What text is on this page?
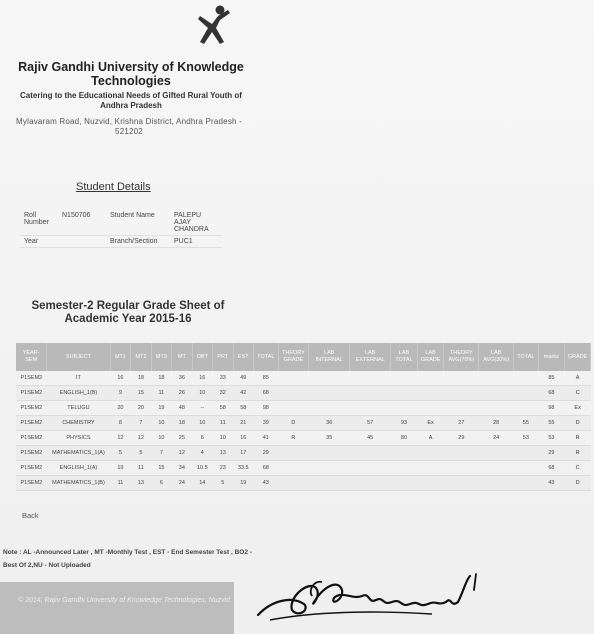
Rajiv Gandhi University of Knowledge Technologies
Catering to the Educational Needs of Gifted Rural Youth of Andhra Pradesh
Mylavaram Road, Nuzvid, Krishna District, Andhra Pradesh - 521202
Student Details
Roll Number	N150706	Student Name	PALEPU AJAY CHANDRA
Year		Branch/Section	PUC1
Semester-2 Regular Grade Sheet of Academic Year 2015-16
YEAR-SEM	SUBJECT	MT1	MT2	MT3	MT	OBT	PRT	EST	TOTAL	THEORY GRADE	LAB INTERNAL	LAB EXTERNAL	LAB TOTAL	LAB GRADE	THEORY AVG(70%)	LAB AVG(30%)	TOTAL	marks	GRADE
P1SEM2	IT	16	18	18	36	16	33	49	85									85	A
P1SEM2	ENGLISH_1(B)	9	15	11	26	10	32	42	68									68	C
P1SEM2	TELUGU	20	20	19	48	--	58	58	98									98	Ex
P1SEM2	CHEMISTRY	8	7	10	18	10	11	21	39	D	36	57	93	Ex	27	28	55	55	D
P1SEM2	PHYSICS	12	12	10	25	6	10	16	41	R	35	45	80	A	29	24	53	53	R
P1SEM2	MATHEMATICS_1(A)	5	5	7	12	4	13	17	29									29	R
P1SEM2	ENGLISH_1(A)	19	11	15	34	10.5	23	33.5	68									68	C
P1SEM2	MATHEMATICS_1(B)	11	13	6	24	14	5	19	43									43	D
Back
Note : AL -Announced Later , MT -Monthly Test , EST - End Semester Test , BO2 - Best Of 2,NU - Not Uploaded
© 2014, Rajiv Gandhi University of Knowledge Technologies, Nuzvid
